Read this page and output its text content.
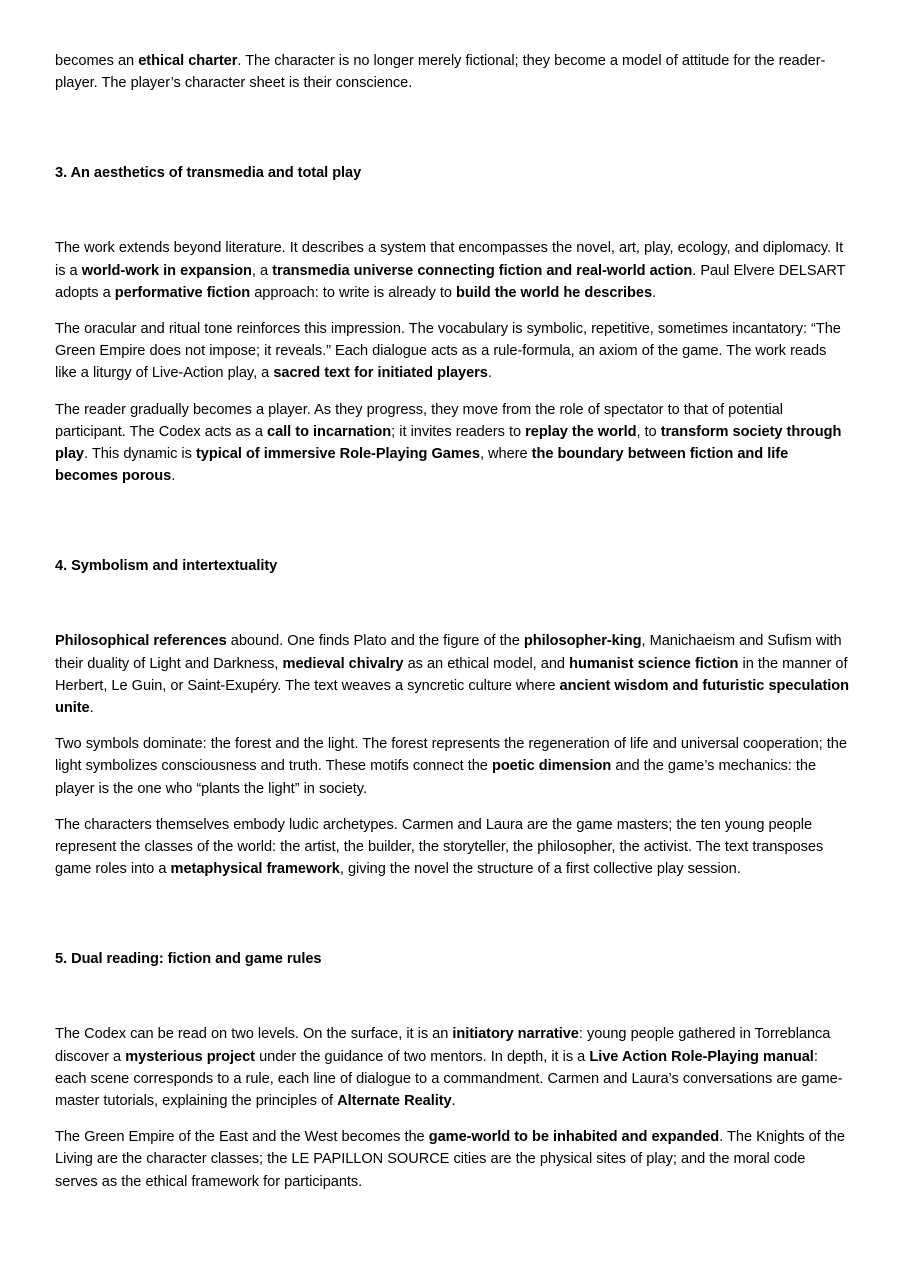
becomes an ethical charter. The character is no longer merely fictional; they become a model of attitude for the reader-player. The player’s character sheet is their conscience.

3. An aesthetics of transmedia and total play

The work extends beyond literature. It describes a system that encompasses the novel, art, play, ecology, and diplomacy. It is a world-work in expansion, a transmedia universe connecting fiction and real-world action. Paul Elvere DELSART adopts a performative fiction approach: to write is already to build the world he describes.

The oracular and ritual tone reinforces this impression. The vocabulary is symbolic, repetitive, sometimes incantatory: “The Green Empire does not impose; it reveals.” Each dialogue acts as a rule-formula, an axiom of the game. The work reads like a liturgy of Live-Action play, a sacred text for initiated players.

The reader gradually becomes a player. As they progress, they move from the role of spectator to that of potential participant. The Codex acts as a call to incarnation; it invites readers to replay the world, to transform society through play. This dynamic is typical of immersive Role-Playing Games, where the boundary between fiction and life becomes porous.

4. Symbolism and intertextuality

Philosophical references abound. One finds Plato and the figure of the philosopher-king, Manichaeism and Sufism with their duality of Light and Darkness, medieval chivalry as an ethical model, and humanist science fiction in the manner of Herbert, Le Guin, or Saint-Exupéry. The text weaves a syncretic culture where ancient wisdom and futuristic speculation unite.

Two symbols dominate: the forest and the light. The forest represents the regeneration of life and universal cooperation; the light symbolizes consciousness and truth. These motifs connect the poetic dimension and the game’s mechanics: the player is the one who “plants the light” in society.

The characters themselves embody ludic archetypes. Carmen and Laura are the game masters; the ten young people represent the classes of the world: the artist, the builder, the storyteller, the philosopher, the activist. The text transposes game roles into a metaphysical framework, giving the novel the structure of a first collective play session.

5. Dual reading: fiction and game rules

The Codex can be read on two levels. On the surface, it is an initiatory narrative: young people gathered in Torreblanca discover a mysterious project under the guidance of two mentors. In depth, it is a Live Action Role-Playing manual: each scene corresponds to a rule, each line of dialogue to a commandment. Carmen and Laura’s conversations are game-master tutorials, explaining the principles of Alternate Reality.

The Green Empire of the East and the West becomes the game-world to be inhabited and expanded. The Knights of the Living are the character classes; the LE PAPILLON SOURCE cities are the physical sites of play; and the moral code serves as the ethical framework for participants.
